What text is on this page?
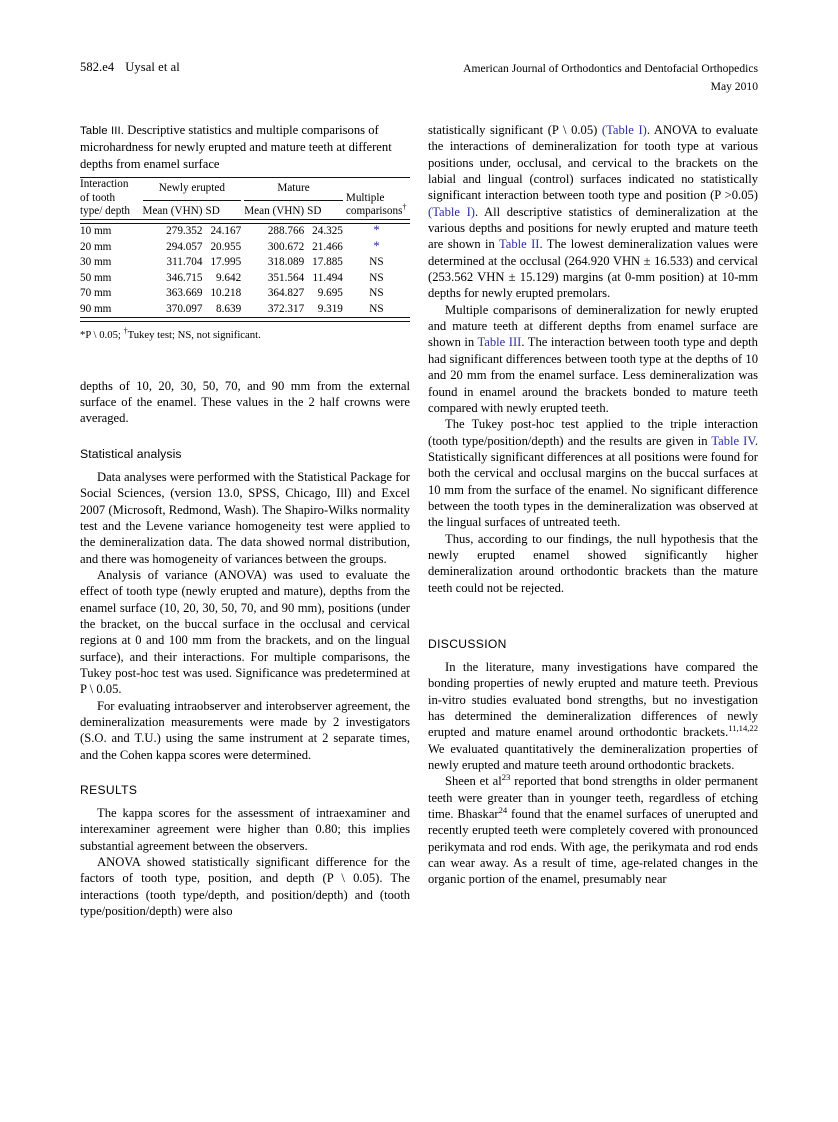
582.e4 Uysal et al	American Journal of Orthodontics and Dentofacial Orthopedics
May 2010
Table III. Descriptive statistics and multiple comparisons of microhardness for newly erupted and mature teeth at different depths from enamel surface

Interaction of tooth type/ depth	Newly erupted		Mature		Multiple comparisons†
	Mean (VHN)	SD	Mean (VHN)	SD	

10 mm	279.352	24.167	288.766	24.325	*
20 mm	294.057	20.955	300.672	21.466	*
30 mm	311.704	17.995	318.089	17.885	NS
50 mm	346.715	9.642	351.564	11.494	NS
70 mm	363.669	10.218	364.827	9.695	NS
90 mm	370.097	8.639	372.317	9.319	NS

*P \ 0.05; †Tukey test; NS, not significant.

depths of 10, 20, 30, 50, 70, and 90 mm from the external surface of the enamel. These values in the 2 half crowns were averaged.

Statistical analysis

Data analyses were performed with the Statistical Package for Social Sciences, (version 13.0, SPSS, Chicago, Ill) and Excel 2007 (Microsoft, Redmond, Wash). The Shapiro-Wilks normality test and the Levene variance homogeneity test were applied to the demineralization data. The data showed normal distribution, and there was homogeneity of variances between the groups.

Analysis of variance (ANOVA) was used to evaluate the effect of tooth type (newly erupted and mature), depths from the enamel surface (10, 20, 30, 50, 70, and 90 mm), positions (under the bracket, on the buccal surface in the occlusal and cervical regions at 0 and 100 mm from the brackets, and on the lingual surface), and their interactions. For multiple comparisons, the Tukey post-hoc test was used. Significance was predetermined at P \ 0.05.

For evaluating intraobserver and interobserver agreement, the demineralization measurements were made by 2 investigators (S.O. and T.U.) using the same instrument at 2 separate times, and the Cohen kappa scores were determined.

RESULTS

The kappa scores for the assessment of intraexaminer and interexaminer agreement were higher than 0.80; this implies substantial agreement between the observers.

ANOVA showed statistically significant difference for the factors of tooth type, position, and depth (P \ 0.05). The interactions (tooth type/depth, and position/depth) and (tooth type/position/depth) were also

statistically significant (P \ 0.05) (Table I). ANOVA to evaluate the interactions of demineralization for tooth type at various positions under, occlusal, and cervical to the brackets on the labial and lingual (control) surfaces indicated no statistically significant interaction between tooth type and position (P >0.05) (Table I). All descriptive statistics of demineralization at the various depths and positions for newly erupted and mature teeth are shown in Table II. The lowest demineralization values were determined at the occlusal (264.920 VHN ± 16.533) and cervical (253.562 VHN ± 15.129) margins (at 0-mm position) at 10-mm depths for newly erupted premolars.

Multiple comparisons of demineralization for newly erupted and mature teeth at different depths from enamel surface are shown in Table III. The interaction between tooth type and depth had significant differences between tooth type at the depths of 10 and 20 mm from the enamel surface. Less demineralization was found in enamel around the brackets bonded to mature teeth compared with newly erupted teeth.

The Tukey post-hoc test applied to the triple interaction (tooth type/position/depth) and the results are given in Table IV. Statistically significant differences at all positions were found for both the cervical and occlusal margins on the buccal surfaces at 10 mm from the surface of the enamel. No significant difference between the tooth types in the demineralization was observed at the lingual surfaces of untreated teeth.

Thus, according to our findings, the null hypothesis that the newly erupted enamel showed significantly higher demineralization around orthodontic brackets than the mature teeth could not be rejected.

DISCUSSION

In the literature, many investigations have compared the bonding properties of newly erupted and mature teeth. Previous in-vitro studies evaluated bond strengths, but no investigation has determined the demineralization differences of newly erupted and mature enamel around orthodontic brackets.$^{11,14,22}$ We evaluated quantitatively the demineralization properties of newly erupted and mature teeth around orthodontic brackets.

Sheen et al$^{23}$ reported that bond strengths in older permanent teeth were greater than in younger teeth, regardless of etching time. Bhaskar$^{24}$ found that the enamel surfaces of unerupted and recently erupted teeth were completely covered with pronounced perikymata and rod ends. With age, the perikymata and rod ends can wear away. As a result of time, age-related changes in the organic portion of the enamel, presumably near
